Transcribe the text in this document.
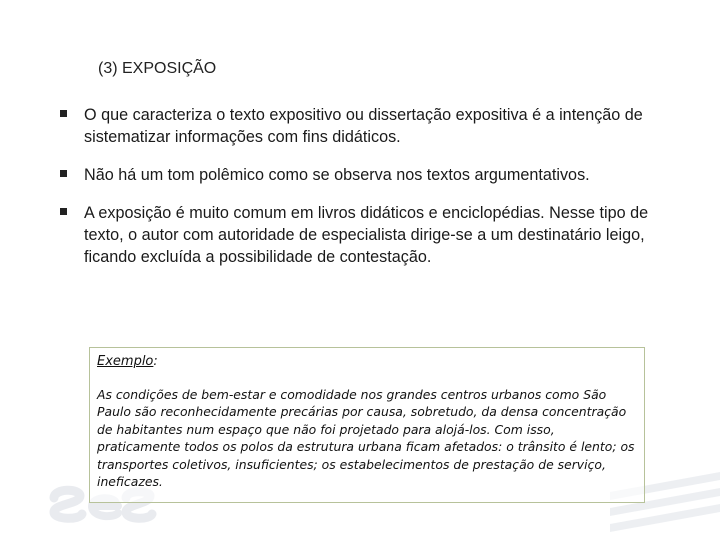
(3) EXPOSIÇÃO
O que caracteriza o texto expositivo ou dissertação expositiva é a intenção de sistematizar informações com fins didáticos.
Não há um tom polêmico como se observa nos textos argumentativos.
A exposição é muito comum em livros didáticos e enciclopédias. Nesse tipo de texto, o autor com autoridade de especialista dirige-se a um destinatário leigo, ficando excluída a possibilidade de contestação.
Exemplo:
As condições de bem-estar e comodidade nos grandes centros urbanos como São Paulo são reconhecidamente precárias por causa, sobretudo, da densa concentração de habitantes num espaço que não foi projetado para alojá-los. Com isso, praticamente todos os polos da estrutura urbana ficam afetados: o trânsito é lento; os transportes coletivos, insuficientes; os estabelecimentos de prestação de serviço, ineficazes.
